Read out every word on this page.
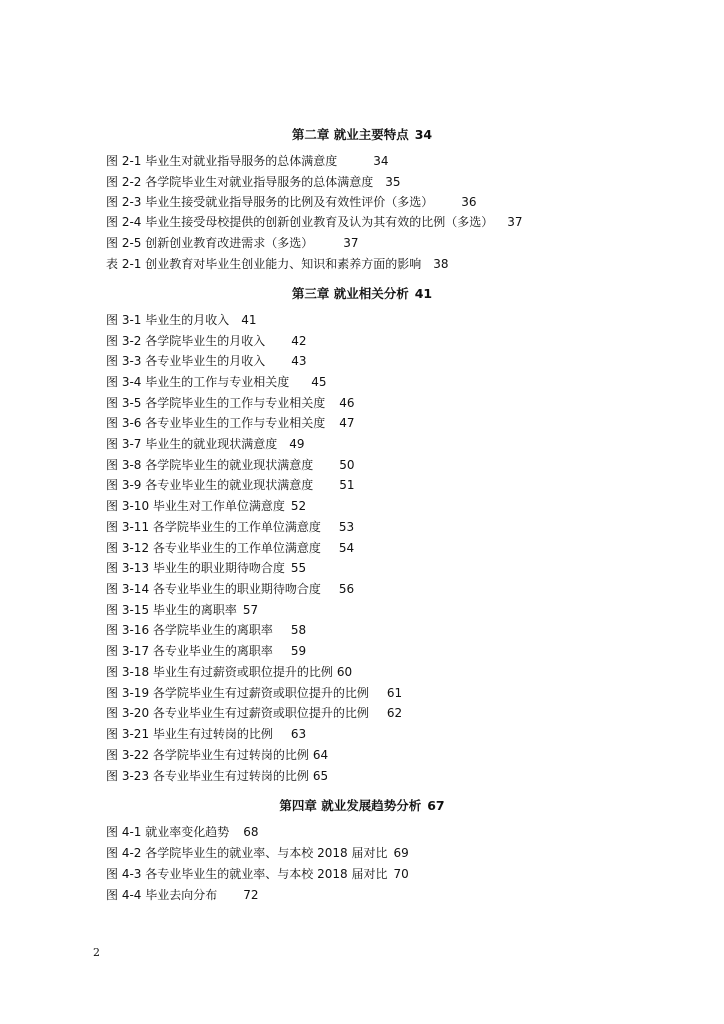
第二章 就业主要特点 34
图 2-1 毕业生对就业指导服务的总体满意度	34
图 2-2 各学院毕业生对就业指导服务的总体满意度 35
图 2-3 毕业生接受就业指导服务的比例及有效性评价（多选） 36
图 2-4 毕业生接受母校提供的创新创业教育及认为其有效的比例（多选） 37
图 2-5 创新创业教育改进需求（多选）	37
表 2-1 创业教育对毕业生创业能力、知识和素养方面的影响 38
第三章 就业相关分析 41
图 3-1 毕业生的月收入 41
图 3-2 各学院毕业生的月收入 42
图 3-3 各专业毕业生的月收入 43
图 3-4 毕业生的工作与专业相关度 45
图 3-5 各学院毕业生的工作与专业相关度 46
图 3-6 各专业毕业生的工作与专业相关度 47
图 3-7 毕业生的就业现状满意度 49
图 3-8 各学院毕业生的就业现状满意度 50
图 3-9 各专业毕业生的就业现状满意度 51
图 3-10 毕业生对工作单位满意度 52
图 3-11 各学院毕业生的工作单位满意度 53
图 3-12 各专业毕业生的工作单位满意度 54
图 3-13 毕业生的职业期待吻合度 55
图 3-14 各专业毕业生的职业期待吻合度 56
图 3-15 毕业生的离职率 57
图 3-16 各学院毕业生的离职率 58
图 3-17 各专业毕业生的离职率 59
图 3-18 毕业生有过薪资或职位提升的比例 60
图 3-19 各学院毕业生有过薪资或职位提升的比例 61
图 3-20 各专业毕业生有过薪资或职位提升的比例 62
图 3-21 毕业生有过转岗的比例 63
图 3-22 各学院毕业生有过转岗的比例 64
图 3-23 各专业毕业生有过转岗的比例 65
第四章 就业发展趋势分析 67
图 4-1 就业率变化趋势 68
图 4-2 各学院毕业生的就业率、与本校 2018 届对比 69
图 4-3 各专业毕业生的就业率、与本校 2018 届对比 70
图 4-4 毕业去向分布 72
2
